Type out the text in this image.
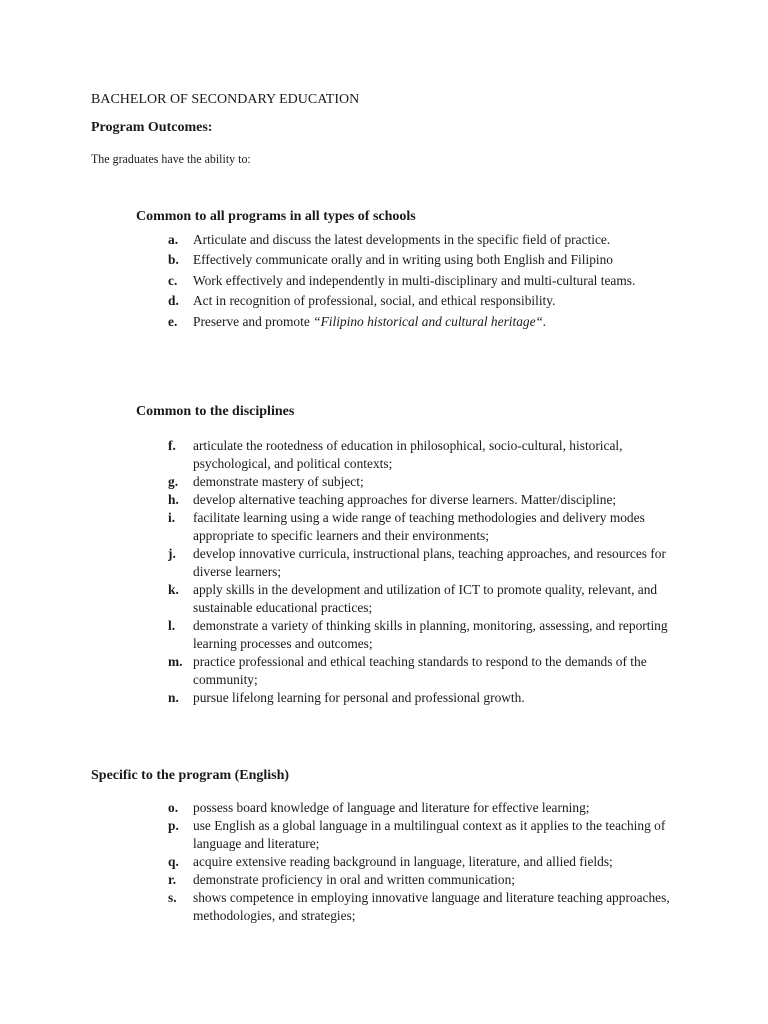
BACHELOR OF SECONDARY EDUCATION
Program Outcomes:
The graduates have the ability to:
Common to all programs in all types of schools
a.	Articulate and discuss the latest developments in the specific field of practice.
b.	Effectively communicate orally and in writing using both English and Filipino
c.	Work effectively and independently in multi-disciplinary and multi-cultural teams.
d.	Act in recognition of professional, social, and ethical responsibility.
e.	Preserve and promote “Filipino historical and cultural heritage“.
Common to the disciplines
f.	articulate the rootedness of education in philosophical, socio-cultural, historical, psychological, and political contexts;
g.	demonstrate mastery of subject;
h.	develop alternative teaching approaches for diverse learners. Matter/discipline;
i.	facilitate learning using a wide range of teaching methodologies and delivery modes appropriate to specific learners and their environments;
j.	develop innovative curricula, instructional plans, teaching approaches, and resources for diverse learners;
k.	apply skills in the development and utilization of ICT to promote quality, relevant, and sustainable educational practices;
l.	demonstrate a variety of thinking skills in planning, monitoring, assessing, and reporting learning processes and outcomes;
m. practice professional and ethical teaching standards to respond to the demands of the community;
n.	pursue lifelong learning for personal and professional growth.
Specific to the program (English)
o.	possess board knowledge of language and literature for effective learning;
p.	use English as a global language in a multilingual context as it applies to the teaching of language and literature;
q.	acquire extensive reading background in language, literature, and allied fields;
r.	demonstrate proficiency in oral and written communication;
s.	shows competence in employing innovative language and literature teaching approaches, methodologies, and strategies;
